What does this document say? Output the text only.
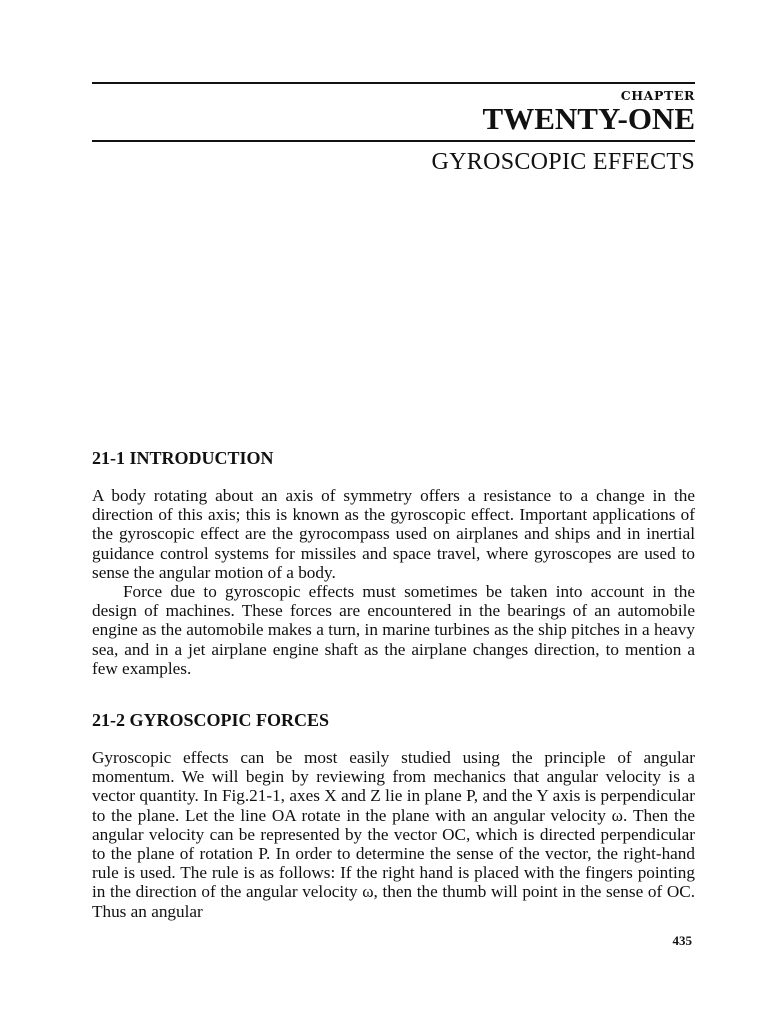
CHAPTER
TWENTY-ONE
GYROSCOPIC EFFECTS
21-1 INTRODUCTION

A body rotating about an axis of symmetry offers a resistance to a change in the direction of this axis; this is known as the gyroscopic effect. Important applications of the gyroscopic effect are the gyrocompass used on airplanes and ships and in inertial guidance control systems for missiles and space travel, where gyroscopes are used to sense the angular motion of a body.

Force due to gyroscopic effects must sometimes be taken into account in the design of machines. These forces are encountered in the bearings of an automobile engine as the automobile makes a turn, in marine turbines as the ship pitches in a heavy sea, and in a jet airplane engine shaft as the airplane changes direction, to mention a few examples.

21-2 GYROSCOPIC FORCES

Gyroscopic effects can be most easily studied using the principle of angular momentum. We will begin by reviewing from mechanics that angular velocity is a vector quantity. In Fig.21-1, axes X and Z lie in plane P, and the Y axis is perpendicular to the plane. Let the line OA rotate in the plane with an angular velocity ω. Then the angular velocity can be represented by the vector OC, which is directed perpendicular to the plane of rotation P. In order to determine the sense of the vector, the right-hand rule is used. The rule is as follows: If the right hand is placed with the fingers pointing in the direction of the angular velocity ω, then the thumb will point in the sense of OC. Thus an angular

435
